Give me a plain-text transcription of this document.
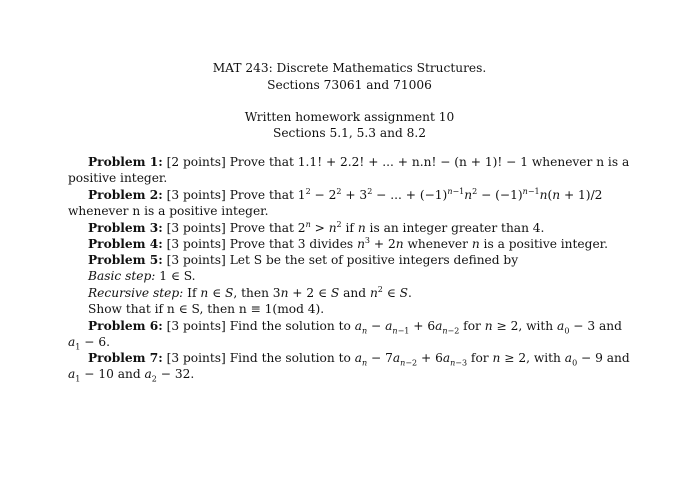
MAT 243: Discrete Mathematics Structures.
Sections 73061 and 71006
Written homework assignment 10
Sections 5.1, 5.3 and 8.2
Problem 1: [2 points] Prove that 1.1! + 2.2! + ... + n.n! − (n + 1)! − 1 whenever n is a
positive integer.
Problem 2: [3 points] Prove that $1^2 - 2^2 + 3^2$ − ... + $(-1)^{n-1}n^2 - (-1)^{n-1}n(n + 1)/2$
whenever n is a positive integer.
Problem 3: [3 points] Prove that $2^n > n^2$ if n is an integer greater than 4.
Problem 4: [3 points] Prove that 3 divides $n^3 + 2n$ whenever n is a positive integer.
Problem 5: [3 points] Let S be the set of positive integers defined by
Basic step: 1 ∈ S.
Recursive step: If n ∈ S, then 3n + 2 ∈ S and $n^2$ ∈ S.
Show that if n ∈ S, then n ≡ 1(mod 4).
Problem 6: [3 points] Find the solution to $a_n - a_{n-1} + 6a_{n-2}$ for n ≥ 2, with $a_0 - 3$ and
$a_1 - 6$.
Problem 7: [3 points] Find the solution to $a_n - 7a_{n-2} + 6a_{n-3}$ for n ≥ 2, with $a_0 - 9$ and
$a_1 - 10$ and $a_2 - 32$.
